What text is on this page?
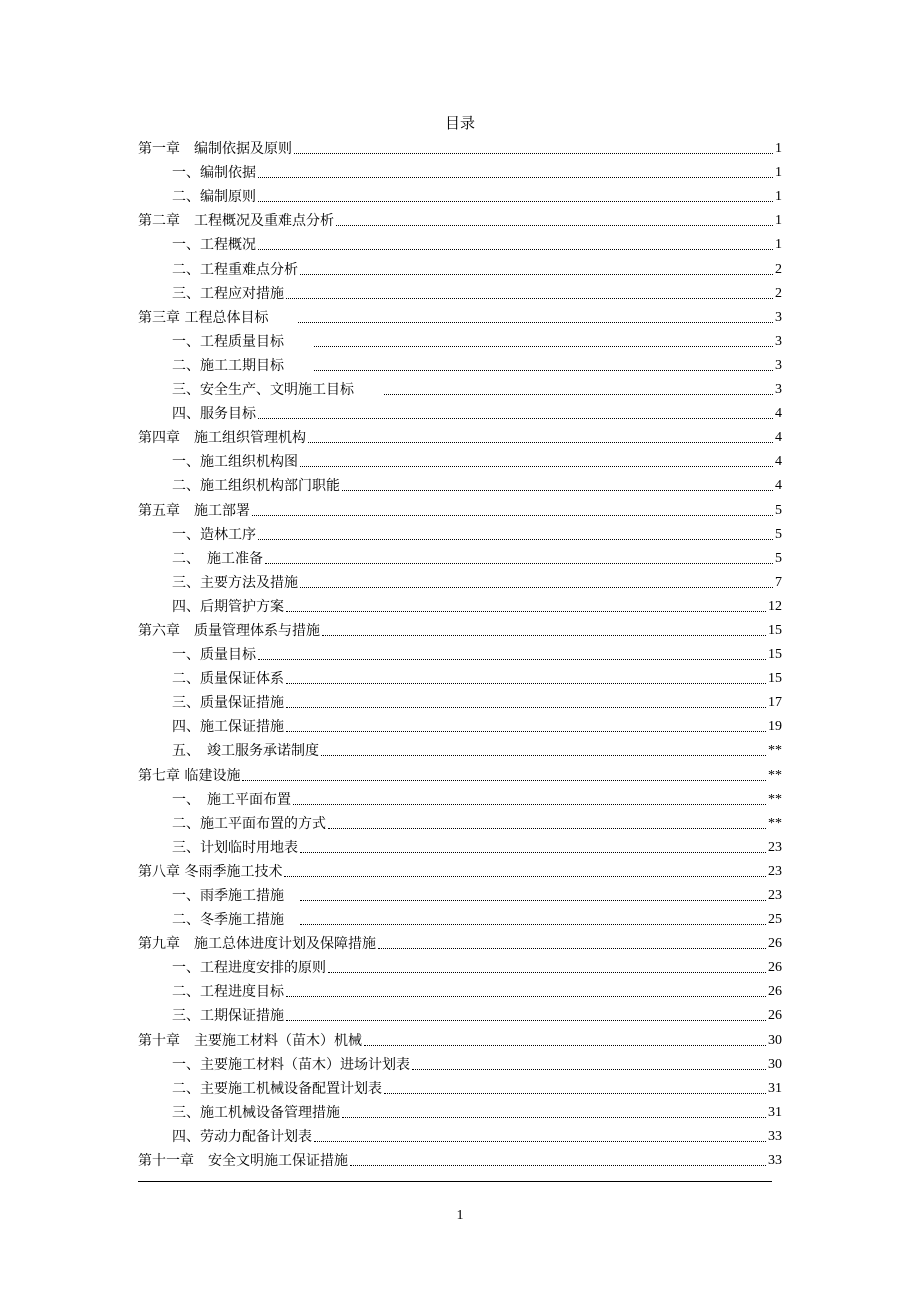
目录
第一章　编制依据及原则	1
一、编制依据	1
二、编制原则	1
第二章　工程概况及重难点分析	1
一、工程概况	1
二、工程重难点分析	2
三、工程应对措施	2
第三章 工程总体目标　　	3
一、工程质量目标　　	3
二、施工工期目标　　	3
三、安全生产、文明施工目标　　	3
四、服务目标	4
第四章　施工组织管理机构	4
一、施工组织机构图	4
二、施工组织机构部门职能	4
第五章　施工部署	5
一、造林工序	5
二、　施工准备	5
三、主要方法及措施	7
四、后期管护方案	12
第六章　质量管理体系与措施	15
一、质量目标	15
二、质量保证体系	15
三、质量保证措施	17
四、施工保证措施	19
五、　竣工服务承诺制度	**
第七章 临建设施	**
一、　施工平面布置	**
二、施工平面布置的方式	**
三、计划临时用地表	23
第八章 冬雨季施工技术	23
一、雨季施工措施　	23
二、冬季施工措施　	25
第九章　施工总体进度计划及保障措施	26
一、工程进度安排的原则	26
二、工程进度目标	26
三、工期保证措施	26
第十章　主要施工材料（苗木）机械	30
一、主要施工材料（苗木）进场计划表	30
二、主要施工机械设备配置计划表	31
三、施工机械设备管理措施	31
四、劳动力配备计划表	33
第十一章　安全文明施工保证措施	33
1
